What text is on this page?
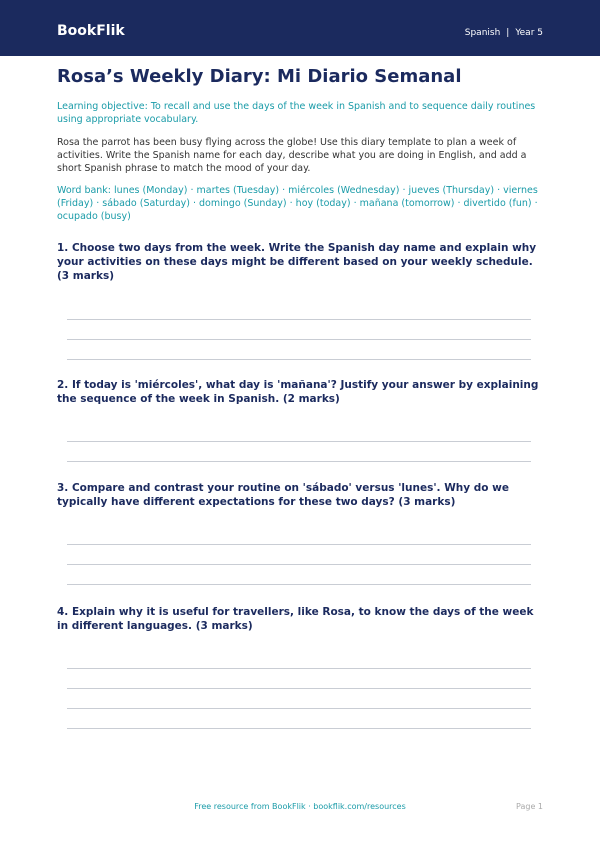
BookFlik	Spanish | Year 5
Rosa’s Weekly Diary: Mi Diario Semanal
Learning objective: To recall and use the days of the week in Spanish and to sequence daily routines using appropriate vocabulary.
Rosa the parrot has been busy flying across the globe! Use this diary template to plan a week of activities. Write the Spanish name for each day, describe what you are doing in English, and add a short Spanish phrase to match the mood of your day.
Word bank: lunes (Monday) · martes (Tuesday) · miércoles (Wednesday) · jueves (Thursday) · viernes (Friday) · sábado (Saturday) · domingo (Sunday) · hoy (today) · mañana (tomorrow) · divertido (fun) · ocupado (busy)
1. Choose two days from the week. Write the Spanish day name and explain why your activities on these days might be different based on your weekly schedule. (3 marks)
2. If today is 'miércoles', what day is 'mañana'? Justify your answer by explaining the sequence of the week in Spanish. (2 marks)
3. Compare and contrast your routine on 'sábado' versus 'lunes'. Why do we typically have different expectations for these two days? (3 marks)
4. Explain why it is useful for travellers, like Rosa, to know the days of the week in different languages. (3 marks)
Free resource from BookFlik · bookflik.com/resources	Page 1
